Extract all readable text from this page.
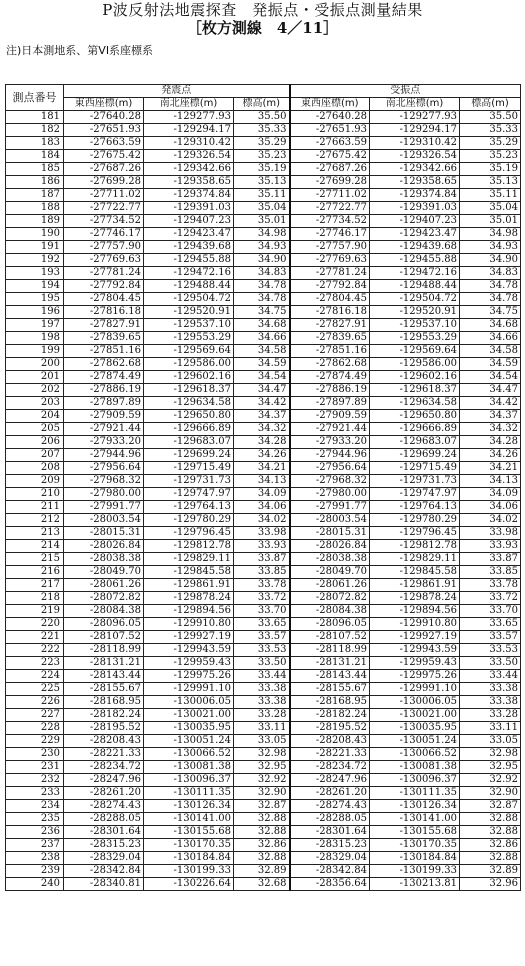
P波反射法地震探査　発振点・受振点測量結果
［枚方測線　4／11］
注)日本測地系、第VI系座標系
測点番号	発震点			受振点		
	東西座標(m)	南北座標(m)	標高(m)	東西座標(m)	南北座標(m)	標高(m)
181	-27640.28	-129277.93	35.50	-27640.28	-129277.93	35.50
182	-27651.93	-129294.17	35.33	-27651.93	-129294.17	35.33
183	-27663.59	-129310.42	35.29	-27663.59	-129310.42	35.29
184	-27675.42	-129326.54	35.23	-27675.42	-129326.54	35.23
185	-27687.26	-129342.66	35.19	-27687.26	-129342.66	35.19
186	-27699.28	-129358.65	35.13	-27699.28	-129358.65	35.13
187	-27711.02	-129374.84	35.11	-27711.02	-129374.84	35.11
188	-27722.77	-129391.03	35.04	-27722.77	-129391.03	35.04
189	-27734.52	-129407.23	35.01	-27734.52	-129407.23	35.01
190	-27746.17	-129423.47	34.98	-27746.17	-129423.47	34.98
191	-27757.90	-129439.68	34.93	-27757.90	-129439.68	34.93
192	-27769.63	-129455.88	34.90	-27769.63	-129455.88	34.90
193	-27781.24	-129472.16	34.83	-27781.24	-129472.16	34.83
194	-27792.84	-129488.44	34.78	-27792.84	-129488.44	34.78
195	-27804.45	-129504.72	34.78	-27804.45	-129504.72	34.78
196	-27816.18	-129520.91	34.75	-27816.18	-129520.91	34.75
197	-27827.91	-129537.10	34.68	-27827.91	-129537.10	34.68
198	-27839.65	-129553.29	34.66	-27839.65	-129553.29	34.66
199	-27851.16	-129569.64	34.58	-27851.16	-129569.64	34.58
200	-27862.68	-129586.00	34.59	-27862.68	-129586.00	34.59
201	-27874.49	-129602.16	34.54	-27874.49	-129602.16	34.54
202	-27886.19	-129618.37	34.47	-27886.19	-129618.37	34.47
203	-27897.89	-129634.58	34.42	-27897.89	-129634.58	34.42
204	-27909.59	-129650.80	34.37	-27909.59	-129650.80	34.37
205	-27921.44	-129666.89	34.32	-27921.44	-129666.89	34.32
206	-27933.20	-129683.07	34.28	-27933.20	-129683.07	34.28
207	-27944.96	-129699.24	34.26	-27944.96	-129699.24	34.26
208	-27956.64	-129715.49	34.21	-27956.64	-129715.49	34.21
209	-27968.32	-129731.73	34.13	-27968.32	-129731.73	34.13
210	-27980.00	-129747.97	34.09	-27980.00	-129747.97	34.09
211	-27991.77	-129764.13	34.06	-27991.77	-129764.13	34.06
212	-28003.54	-129780.29	34.02	-28003.54	-129780.29	34.02
213	-28015.31	-129796.45	33.98	-28015.31	-129796.45	33.98
214	-28026.84	-129812.78	33.93	-28026.84	-129812.78	33.93
215	-28038.38	-129829.11	33.87	-28038.38	-129829.11	33.87
216	-28049.70	-129845.58	33.85	-28049.70	-129845.58	33.85
217	-28061.26	-129861.91	33.78	-28061.26	-129861.91	33.78
218	-28072.82	-129878.24	33.72	-28072.82	-129878.24	33.72
219	-28084.38	-129894.56	33.70	-28084.38	-129894.56	33.70
220	-28096.05	-129910.80	33.65	-28096.05	-129910.80	33.65
221	-28107.52	-129927.19	33.57	-28107.52	-129927.19	33.57
222	-28118.99	-129943.59	33.53	-28118.99	-129943.59	33.53
223	-28131.21	-129959.43	33.50	-28131.21	-129959.43	33.50
224	-28143.44	-129975.26	33.44	-28143.44	-129975.26	33.44
225	-28155.67	-129991.10	33.38	-28155.67	-129991.10	33.38
226	-28168.95	-130006.05	33.38	-28168.95	-130006.05	33.38
227	-28182.24	-130021.00	33.28	-28182.24	-130021.00	33.28
228	-28195.52	-130035.95	33.11	-28195.52	-130035.95	33.11
229	-28208.43	-130051.24	33.05	-28208.43	-130051.24	33.05
230	-28221.33	-130066.52	32.98	-28221.33	-130066.52	32.98
231	-28234.72	-130081.38	32.95	-28234.72	-130081.38	32.95
232	-28247.96	-130096.37	32.92	-28247.96	-130096.37	32.92
233	-28261.20	-130111.35	32.90	-28261.20	-130111.35	32.90
234	-28274.43	-130126.34	32.87	-28274.43	-130126.34	32.87
235	-28288.05	-130141.00	32.88	-28288.05	-130141.00	32.88
236	-28301.64	-130155.68	32.88	-28301.64	-130155.68	32.88
237	-28315.23	-130170.35	32.86	-28315.23	-130170.35	32.86
238	-28329.04	-130184.84	32.88	-28329.04	-130184.84	32.88
239	-28342.84	-130199.33	32.89	-28342.84	-130199.33	32.89
240	-28340.81	-130226.64	32.68	-28356.64	-130213.81	32.96
